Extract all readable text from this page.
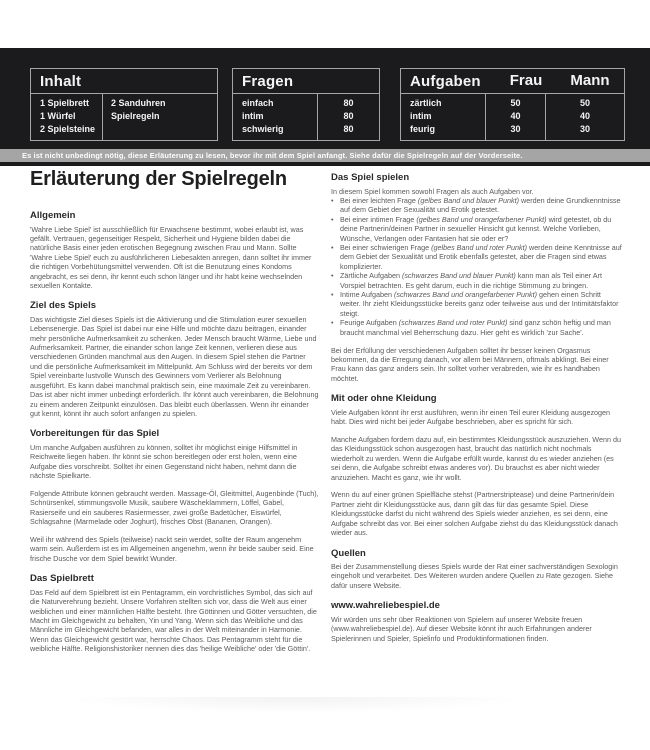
Inhalt
1 Spielbrett
1 Würfel
2 Spielsteine
2 Sanduhren
Spielregeln
Fragen
einfach
intim
schwierig
80
80
80
Aufgaben	Frau	Mann
zärtlich
intim
feurig
50
40
30
50
40
30
Es ist nicht unbedingt nötig, diese Erläuterung zu lesen, bevor ihr mit dem Spiel anfangt. Siehe dafür die Spielregeln auf der Vorderseite.
Erläuterung der Spielregeln
Allgemein

'Wahre Liebe Spiel' ist ausschließlich für Erwachsene bestimmt, wobei erlaubt ist, was gefällt. Vertrauen, gegenseitiger Respekt, Sicherheit und Hygiene bilden dabei die natürliche Basis einer jeden erotischen Begegnung zwischen Frau und Mann. Sollte 'Wahre Liebe Spiel' euch zu ausführlicheren Liebesakten anregen, dann solltet ihr immer die richtigen Vorbehütungsmittel verwenden. Oft ist die Benutzung eines Kondoms angebracht, es sei denn, ihr kennt euch schon länger und ihr habt keine wechselnden sexuellen Kontakte.

Ziel des Spiels

Das wichtigste Ziel dieses Spiels ist die Aktivierung und die Stimulation eurer sexuellen Lebensenergie. Das Spiel ist dabei nur eine Hilfe und möchte dazu beitragen, einander mehr persönliche Aufmerksamkeit zu schenken. Jeder Mensch braucht Wärme, Liebe und Aufmerksamkeit. Partner, die einander schon lange Zeit kennen, verlieren diese aus verschiedenen Gründen manchmal aus den Augen. In diesem Spiel stehen die Partner und die persönliche Aufmerksamkeit im Mittelpunkt. Am Schluss wird der bereits vor dem Spiel vereinbarte lustvolle Wunsch des Gewinners vom Verlierer als Belohnung ausgeführt. Es kann dabei manchmal praktisch sein, eine maximale Zeit zu vereinbaren. Das ist aber nicht immer unbedingt erforderlich. Ihr könnt auch vereinbaren, die Belohnung zu einem anderen Zeitpunkt einzulösen. Das bleibt euch überlassen. Wenn ihr einander gut kennt, könnt ihr auch sofort anfangen zu spielen.

Vorbereitungen für das Spiel

Um manche Aufgaben ausführen zu können, solltet ihr möglichst einige Hilfsmittel in Reichweite liegen haben. Ihr könnt sie schon bereitlegen oder erst holen, wenn eine Aufgabe dies vorschreibt. Solltet ihr einen Gegenstand nicht haben, nehmt dann die nächste Spielkarte.

Folgende Attribute können gebraucht werden. Massage-Öl, Gleitmittel, Augenbinde (Tuch), Schnürsenkel, stimmungsvolle Musik, saubere Wäscheklammern, Löffel, Gabel, Rasierseife und ein sauberes Rasiermesser, zwei große Badetücher, Eiswürfel, Schlagsahne (Marmelade oder Joghurt), frisches Obst (Bananen, Orangen).

Weil ihr während des Spiels (teilweise) nackt sein werdet, sollte der Raum angenehm warm sein. Außerdem ist es im Allgemeinen angenehm, wenn ihr beide sauber seid. Eine frische Dusche vor dem Spiel bewirkt Wunder.

Das Spielbrett

Das Feld auf dem Spielbrett ist ein Pentagramm, ein vorchristliches Symbol, das sich auf die Naturverehrung bezieht. Unsere Vorfahren stellten sich vor, dass die Welt aus einer weiblichen und einer männlichen Hälfte besteht. Ihre Göttinnen und Götter versuchten, die Macht im Gleichgewicht zu behalten, Yin und Yang. Wenn sich das Weibliche und das Männliche im Gleichgewicht befanden, war alles in der Welt miteinander in Harmonie. Wenn das Gleichgewicht gestört war, herrschte Chaos. Das Pentagramm steht für die weibliche Hälfte. Religionshistoriker nennen dies das 'heilige Weibliche' oder 'die Göttin'.

Das Spiel spielen

In diesem Spiel kommen sowohl Fragen als auch Aufgaben vor.

• Bei einer leichten Frage (gelbes Band und blauer Punkt) werden deine Grundkenntnisse auf dem Gebiet der Sexualität und Erotik getestet.
• Bei einer intimen Frage (gelbes Band und orangefarbener Punkt) wird getestet, ob du deine Partnerin/deinen Partner in sexueller Hinsicht gut kennst. Welche Vorlieben, Wünsche, Verlangen oder Fantasien hat sie oder er?
• Bei einer schwierigen Frage (gelbes Band und roter Punkt) werden deine Kenntnisse auf dem Gebiet der Sexualität und Erotik ebenfalls getestet, aber die Fragen sind etwas komplizierter.
• Zärtliche Aufgaben (schwarzes Band und blauer Punkt) kann man als Teil einer Art Vorspiel betrachten. Es geht darum, euch in die richtige Stimmung zu bringen.
• Intime Aufgaben (schwarzes Band und orangefarbener Punkt) gehen einen Schritt weiter. Ihr zieht Kleidungsstücke bereits ganz oder teilweise aus und der Intimitätsfaktor steigt.
• Feurige Aufgaben (schwarzes Band und roter Punkt) sind ganz schön heftig und man braucht manchmal viel Beherrschung dazu. Hier geht es wirklich 'zur Sache'.

Bei der Erfüllung der verschiedenen Aufgaben solltet ihr besser keinen Orgasmus bekommen, da die Erregung danach, vor allem bei Männern, oftmals abklingt. Bei einer Frau kann das ganz anders sein. Ihr solltet vorher verabreden, wie ihr es handhaben möchtet.

Mit oder ohne Kleidung

Viele Aufgaben könnt ihr erst ausführen, wenn ihr einen Teil eurer Kleidung ausgezogen habt. Dies wird nicht bei jeder Aufgabe beschrieben, aber es spricht für sich.

Manche Aufgaben fordern dazu auf, ein bestimmtes Kleidungsstück auszuziehen. Wenn du das Kleidungsstück schon ausgezogen hast, braucht das natürlich nicht nochmals wiederholt zu werden. Wenn die Aufgabe erfüllt wurde, kannst du es wieder anziehen (es sei denn, die Aufgabe schreibt etwas anderes vor). Du brauchst es aber nicht wieder anzuziehen. Macht es ganz, wie ihr wollt.

Wenn du auf einer grünen Spielfläche stehst (Partnerstriptease) und deine Partnerin/dein Partner zieht dir Kleidungsstücke aus, dann gilt das für das gesamte Spiel. Diese Kleidungsstücke darfst du nicht während des Spiels wieder anziehen, es sei denn, eine Aufgabe schreibt das vor. Bei einer solchen Aufgabe ziehst du das Kleidungsstück danach wieder aus.

Quellen

Bei der Zusammenstellung dieses Spiels wurde der Rat einer sachverständigen Sexologin eingeholt und verarbeitet. Des Weiteren wurden andere Quellen zu Rate gezogen. Siehe dafür unsere Website.

www.wahreliebespiel.de

Wir würden uns sehr über Reaktionen von Spielern auf unserer Website freuen (www.wahreliebespiel.de). Auf dieser Website könnt ihr auch Erfahrungen anderer Spielerinnen und Spieler, Spielinfo und Produktinformationen finden.
